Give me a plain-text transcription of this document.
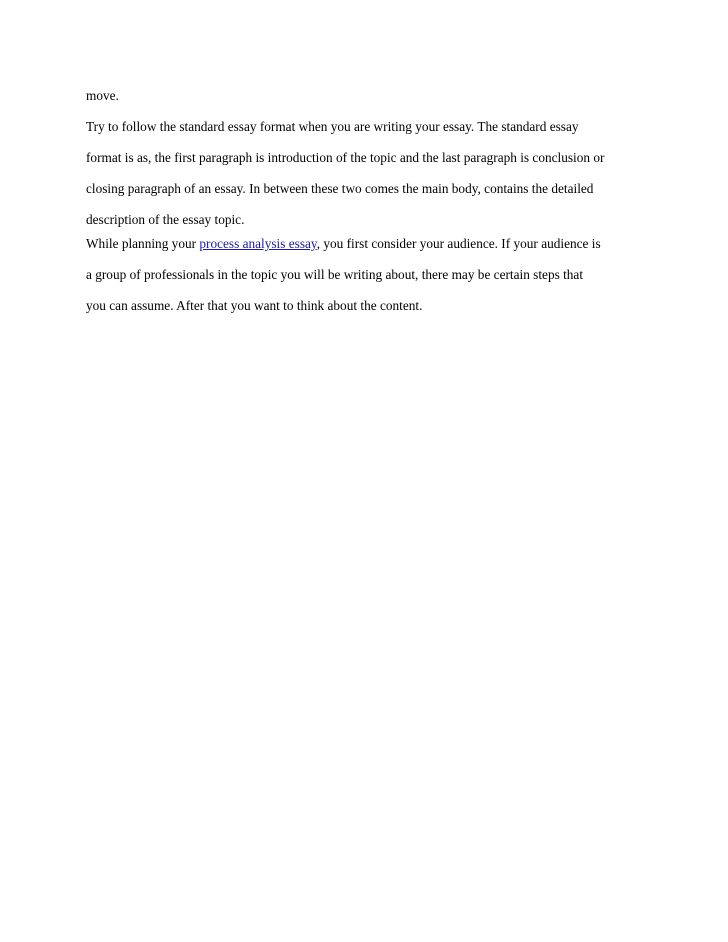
move.
Try to follow the standard essay format when you are writing your essay. The standard essay
format is as, the first paragraph is introduction of the topic and the last paragraph is conclusion or
closing paragraph of an essay. In between these two comes the main body, contains the detailed
description of the essay topic.
While planning your process analysis essay, you first consider your audience. If your audience is
a group of professionals in the topic you will be writing about, there may be certain steps that
you can assume. After that you want to think about the content.
